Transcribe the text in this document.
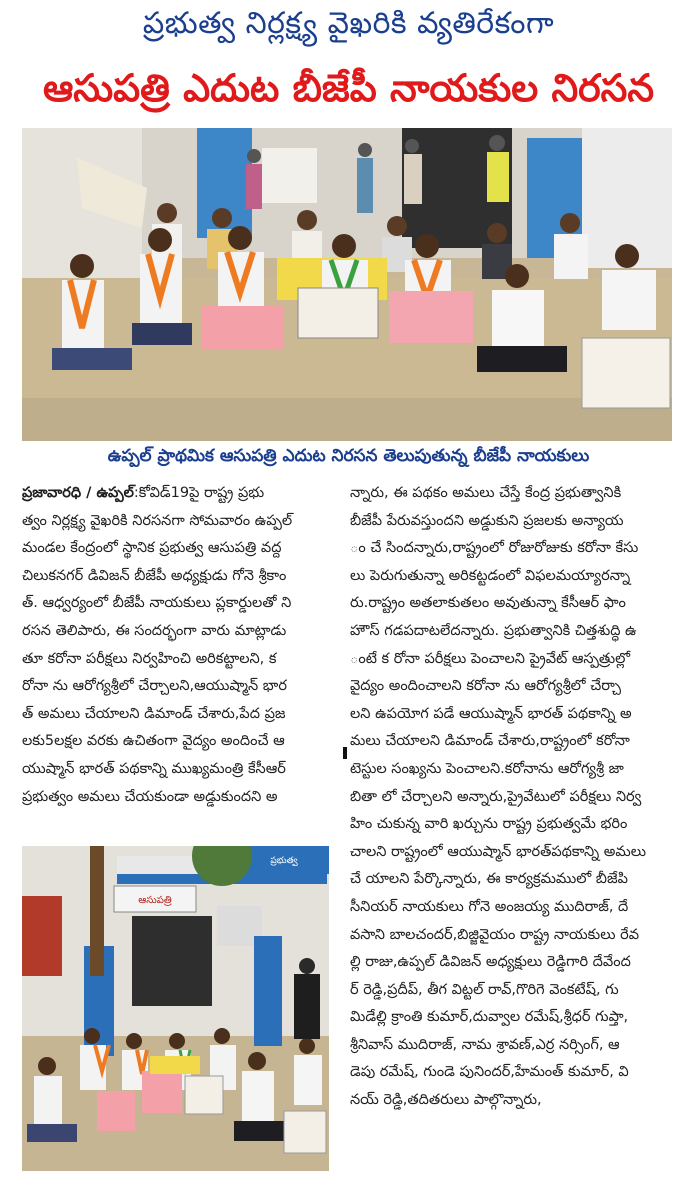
ప్రభుత్వ నిర్లక్ష్య వైఖరికి వ్యతిరేకంగా
ఆసుపత్రి ఎదుట బీజేపీ నాయకుల నిరసన
ఉప్పల్ ప్రాథమిక ఆసుపత్రి ఎదుట నిరసన తెలుపుతున్న బీజేపీ నాయకులు
ప్రజావారధి / ఉప్పల్:కోవిడ్19పై రాష్ట్ర ప్రభు
త్వం నిర్లక్ష్య వైఖరికి నిరసనగా సోమవారం ఉప్పల్
మండల కేంద్రంలో స్థానిక ప్రభుత్వ ఆసుపత్రి వద్ద
చిలుకనగర్ డివిజన్ బీజేపీ అధ్యక్షుడు గోనె శ్రీకాం
త్. ఆధ్వర్యంలో బీజేపీ నాయకులు ప్లకార్డులతో ని
రసన తెలిపారు, ఈ సందర్భంగా వారు మాట్లాడు
తూ కరోనా పరీక్షలు నిర్వహించి అరికట్టాలని, క
రోనా ను ఆరోగ్యశ్రీలో చేర్చాలని,ఆయుష్మాన్ భార
త్ అమలు చేయాలని డిమాండ్ చేశారు,పేద ప్రజ
లకు5లక్షల వరకు ఉచితంగా వైద్యం అందించే ఆ
యుష్మాన్ భారత్ పథకాన్ని ముఖ్యమంత్రి కేసీఆర్
ప్రభుత్వం అమలు చేయకుండా అడ్డుకుందని అ
న్నారు, ఈ పథకం అమలు చేస్తే కేంద్ర ప్రభుత్వానికి
బీజేపీ పేరువస్తుందని అడ్డుకుని ప్రజలకు అన్యాయ
ం చే సిందన్నారు,రాష్ట్రంలో రోజురోజుకు కరోనా కేసు
లు పెరుగుతున్నా అరికట్టడంలో విఫలమయ్యారన్నా
రు.రాష్ట్రం అతలాకుతలం అవుతున్నా కేసీఆర్ ఫాం
హౌస్ గడపదాటలేదన్నారు. ప్రభుత్వానికి చిత్తశుద్ధి ఉ
ంటే క రోనా పరీక్షలు పెంచాలని ప్రైవేట్ ఆస్పత్రుల్లో
వైద్యం అందించాలని కరోనా ను ఆరోగ్యశ్రీలో చేర్చా
లని ఉపయోగ పడే ఆయుష్మాన్ భారత్ పథకాన్ని అ
మలు చేయాలని డిమాండ్ చేశారు,రాష్ట్రంలో కరోనా
టెస్టుల సంఖ్యను పెంచాలని.కరోనాను ఆరోగ్యశ్రీ జా
బితా లో చేర్చాలని అన్నారు,ప్రైవేటులో పరీక్షలు నిర్వ
హిం చుకున్న వారి ఖర్చును రాష్ట్ర ప్రభుత్వమే భరిం
చాలని రాష్ట్రంలో ఆయుష్మాన్ భారత్‌పథకాన్ని అమలు
చే యాలని పేర్కొన్నారు, ఈ కార్యక్రమములో బీజేపి
సీనియర్ నాయకులు గోనె అంజయ్య ముదిరాజ్, దే
వసాని బాలచందర్,బిజ్జివైయం రాష్ట్ర నాయకులు రేవ
ల్లి రాజు,ఉప్పల్ డివిజన్ అధ్యక్షులు రెడ్డిగారి దేవేంద
ర్ రెడ్డి,ప్రదీప్, తీగ విట్టల్ రావ్,గొరిగె వెంకటేష్, గు
మిడేల్లి క్రాంతి కుమార్,దువ్వాల రమేష్,శ్రీధర్ గుప్తా,
శ్రీనివాస్ ముదిరాజ్, నామ శ్రావణ్,ఎర్ర నర్సింగ్, ఆ
డెపు రమేష్, గుండె పునిందర్,హేమంత్ కుమార్, వి
నయ్ రెడ్డి,తదితరులు పాల్గొన్నారు,
ప్రభుత్వ
ఆసుపత్రి
